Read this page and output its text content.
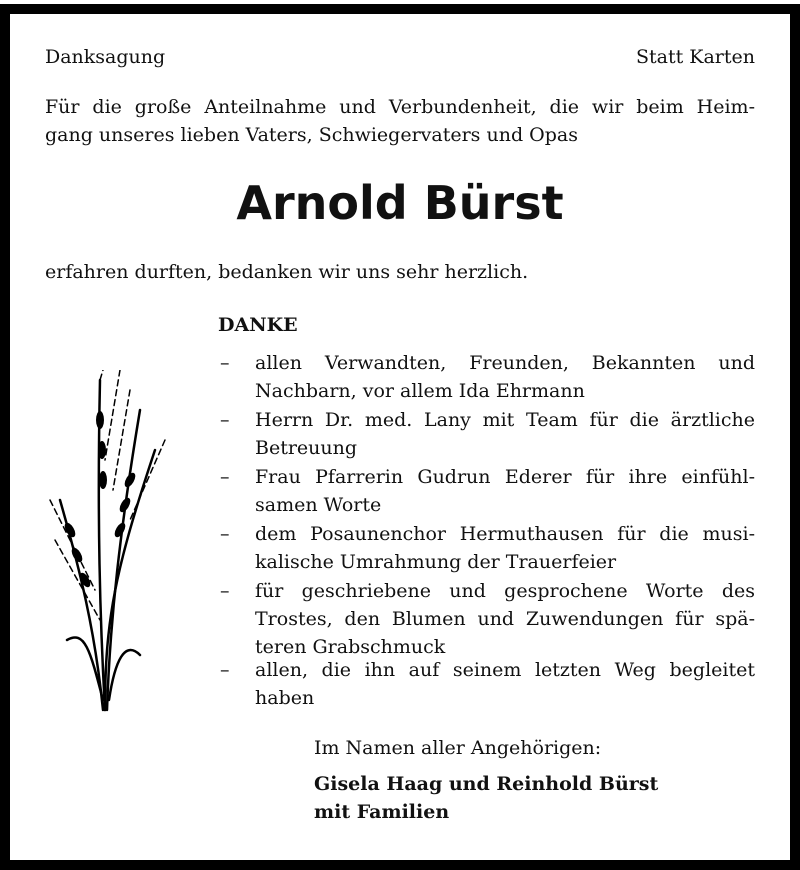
Danksagung	Statt Karten
Für die große Anteilnahme und Verbundenheit, die wir beim Heim-
gang unseres lieben Vaters, Schwiegervaters und Opas
Arnold Bürst
erfahren durften, bedanken wir uns sehr herzlich.
DANKE
– allen Verwandten, Freunden, Bekannten und
Nachbarn, vor allem Ida Ehrmann
– Herrn Dr. med. Lany mit Team für die ärztliche
Betreuung
– Frau Pfarrerin Gudrun Ederer für ihre einfühl-
samen Worte
– dem Posaunenchor Hermuthausen für die musi-
kalische Umrahmung der Trauerfeier
– für geschriebene und gesprochene Worte des
Trostes, den Blumen und Zuwendungen für spä-
teren Grabschmuck
– allen, die ihn auf seinem letzten Weg begleitet
haben
Im Namen aller Angehörigen:
Gisela Haag und Reinhold Bürst
mit Familien
